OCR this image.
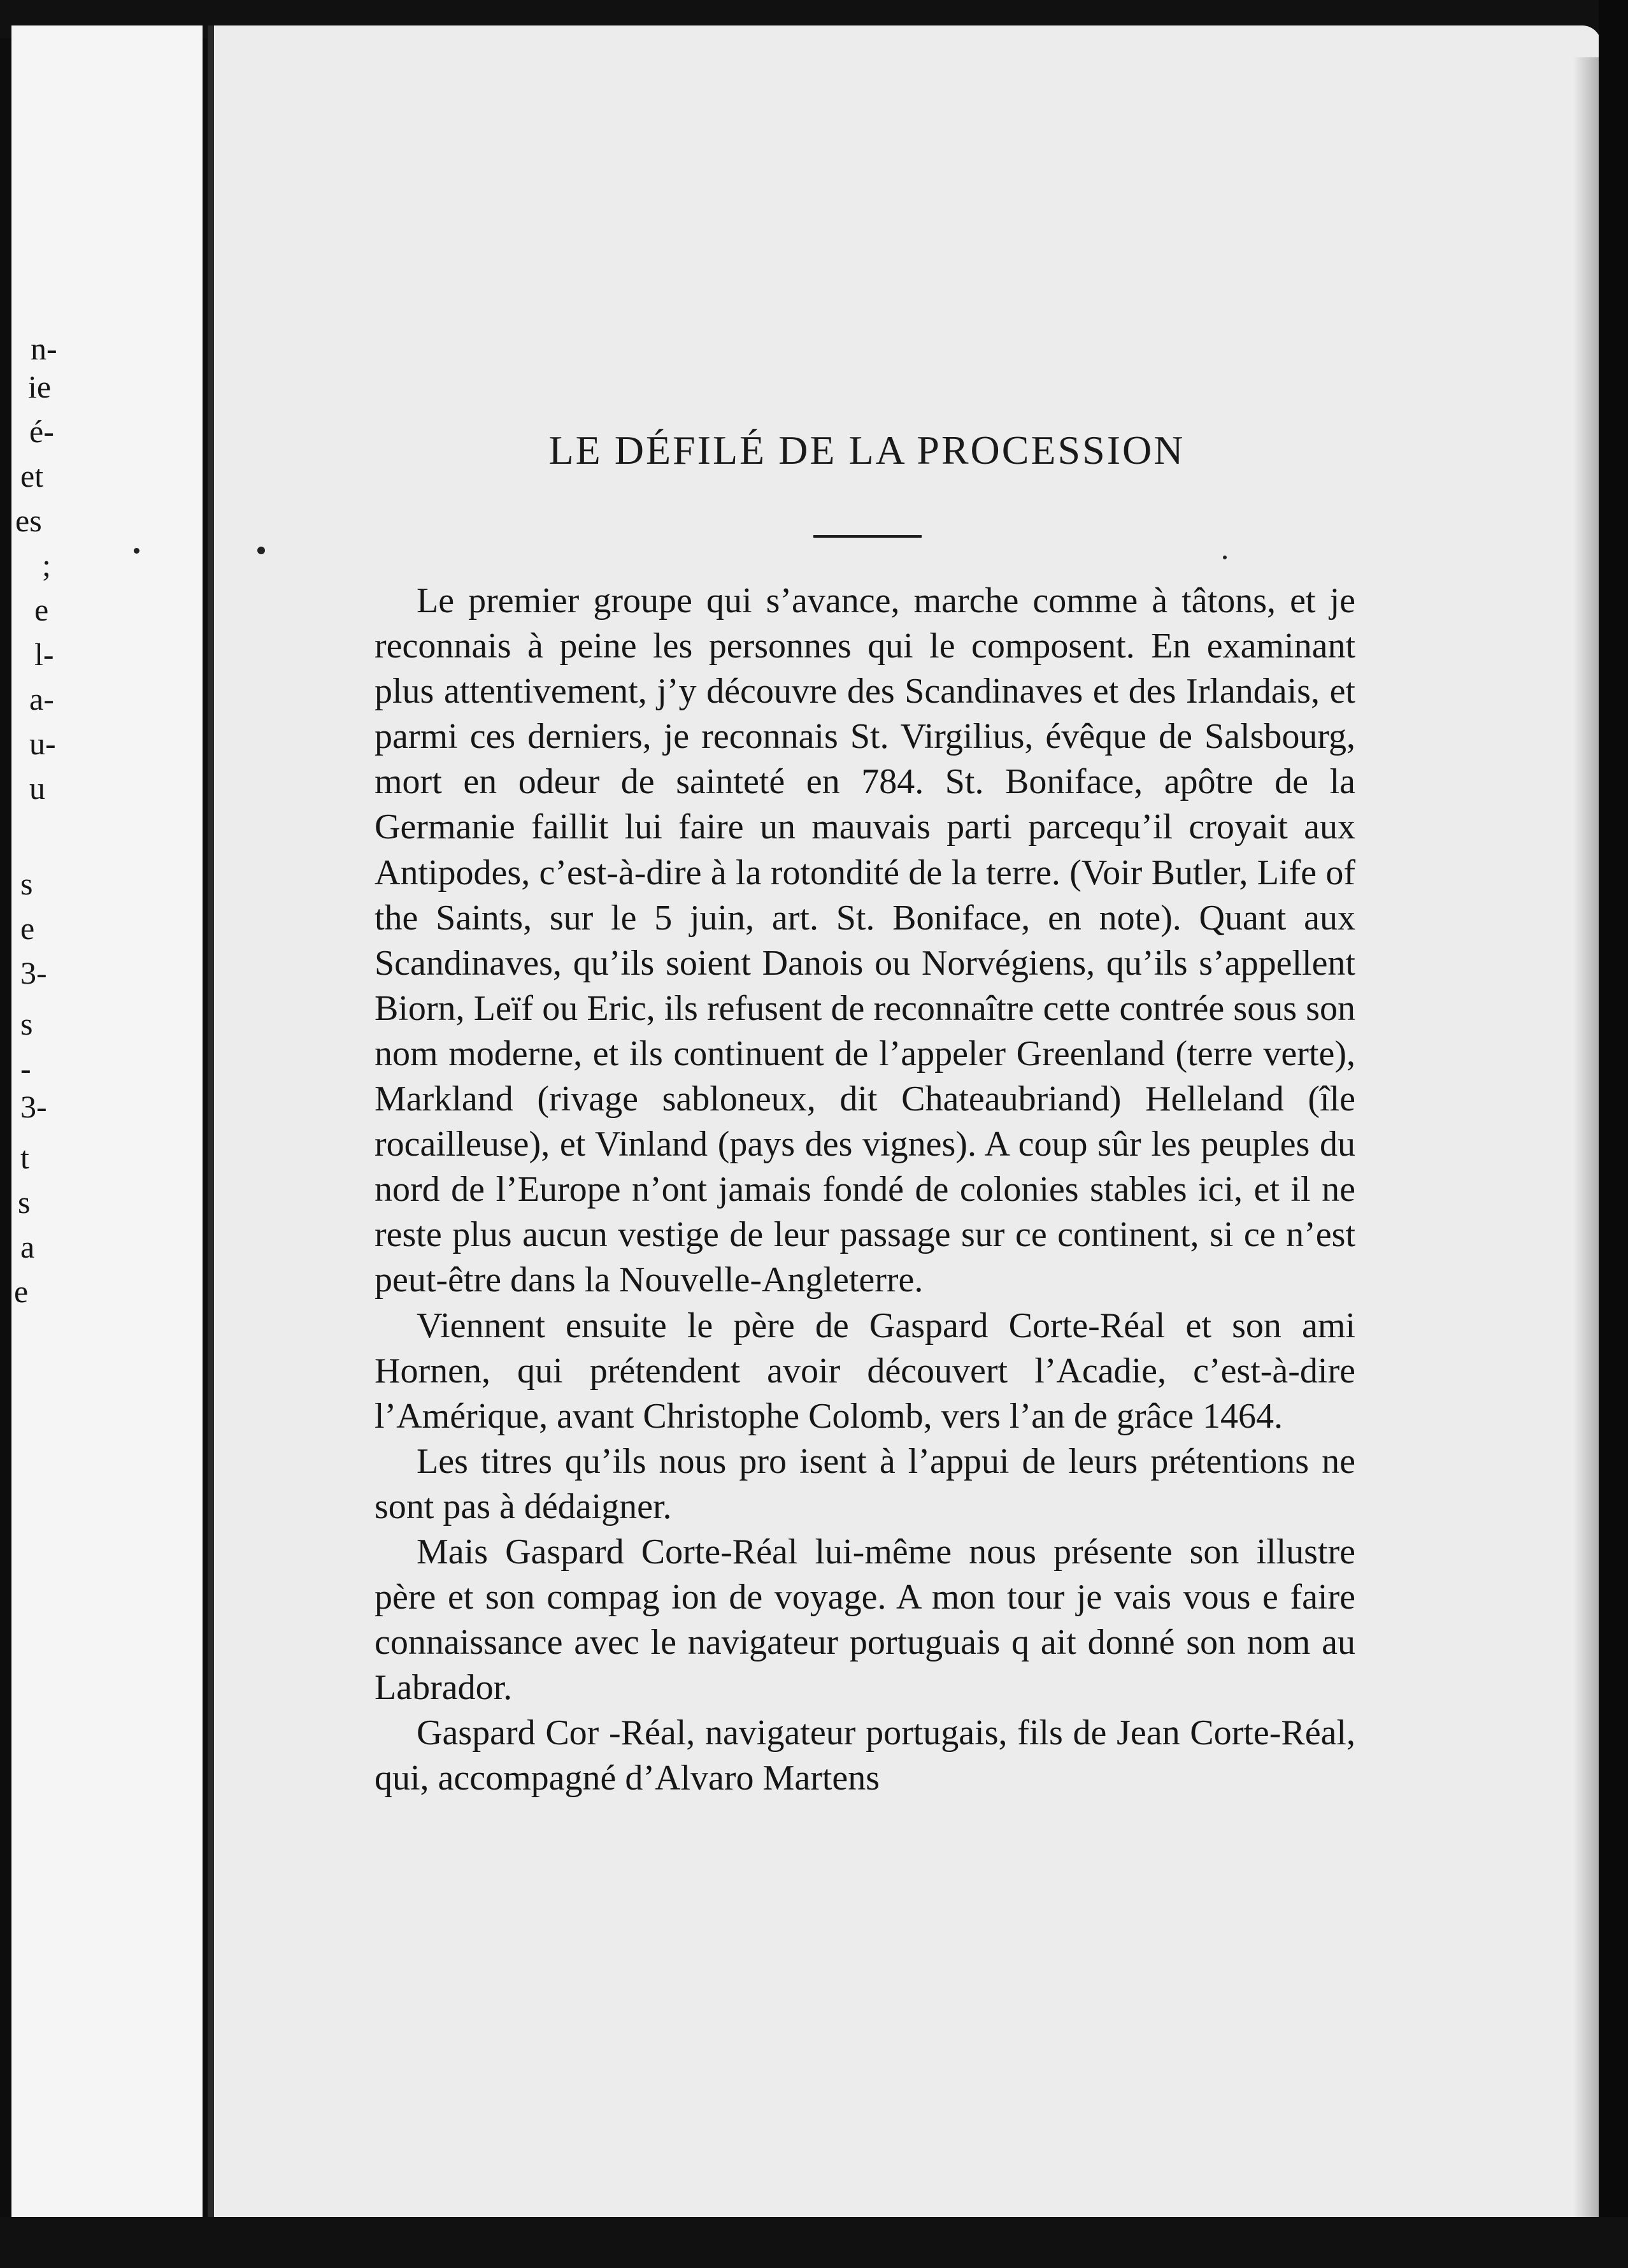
n-
ie
é-
et
es
;
e
l-
a-
u-
u
s
e
3-
s
-
3-
t
s
a
e
LE DÉFILÉ DE LA PROCESSION

Le premier groupe qui s’avance, marche comme à tâtons, et je reconnais à peine les personnes qui le composent. En examinant plus attentivement, j’y découvre des Scandinaves et des Irlandais, et parmi ces derniers, je reconnais St. Virgilius, évêque de Salsbourg, mort en odeur de sainteté en 784. St. Boniface, apôtre de la Germanie faillit lui faire un mauvais parti parcequ’il croyait aux Antipodes, c’est-à-dire à la rotondité de la terre. (Voir Butler, Life of the Saints, sur le 5 juin, art. St. Boniface, en note). Quant aux Scandinaves, qu’ils soient Danois ou Norvégiens, qu’ils s’appellent Biorn, Leïf ou Eric, ils refusent de reconnaître cette contrée sous son nom moderne, et ils continuent de l’appeler Greenland (terre verte), Markland (rivage sabloneux, dit Chateaubriand) Helleland (île rocailleuse), et Vinland (pays des vignes). A coup sûr les peuples du nord de l’Europe n’ont jamais fondé de colonies stables ici, et il ne reste plus aucun vestige de leur passage sur ce continent, si ce n’est peut-être dans la Nouvelle-Angleterre.

Viennent ensuite le père de Gaspard Corte-Réal et son ami Hornen, qui prétendent avoir découvert l’Acadie, c’est-à-dire l’Amérique, avant Christophe Colomb, vers l’an de grâce 1464.

Les titres qu’ils nous pro isent à l’appui de leurs prétentions ne sont pas à dédaigner.

Mais Gaspard Corte-Réal lui-même nous présente son illustre père et son compag ion de voyage. A mon tour je vais vous e faire connaissance avec le navigateur portuguais q ait donné son nom au Labrador.

Gaspard Cor -Réal, navigateur portugais, fils de Jean Corte-Réal, qui, accompagné d’Alvaro Martens
